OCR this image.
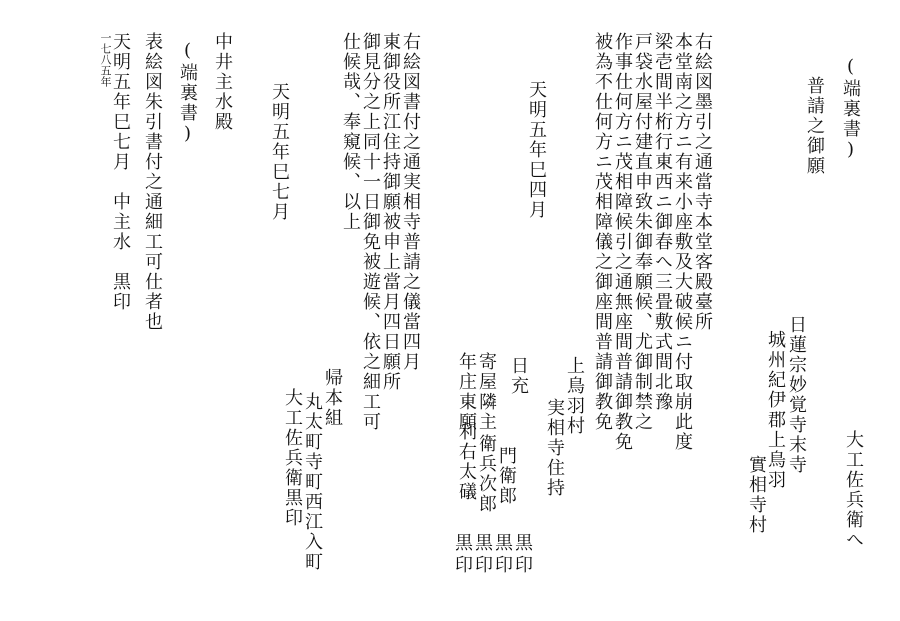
(端裏書)
普請之御願
大工佐兵衛へ
日蓮宗妙覚寺末寺
城州紀伊郡上鳥羽
實相寺村
右絵図墨引之通當寺本堂客殿臺所
本堂南之方ニ有来小座敷及大破候ニ付取崩此度
梁壱間半桁行東西ニ御春へ三畳敷式間北豫
戸袋水屋付建直申致朱御奉願候、尤御制禁之
作事仕何方ニ茂相障候引之通無座間普請御教免
被為不仕何方ニ茂相障儀之御座間普請御教免
天明五年巳四月
上鳥羽村
実相寺住持
日充
年庄東願 寄屋隣主
利右太礒 衛兵次郎 門衛郎
黒黒黒黒
印印印印
右絵図書付之通実相寺普請之儀當四月
東御役所江住持御願被申上當月四日願所
御見分之上同十一日御免被遊候、依之細工可
仕候哉、奉窺候、以上
天明五年巳七月
帰本組
丸太町寺町西江入町
大工佐兵衛黒印
中井主水殿
(端裏書)
表絵図朱引書付之通細工可仕者也
天明五年巳七月　中主水　黒印
一七八五年
